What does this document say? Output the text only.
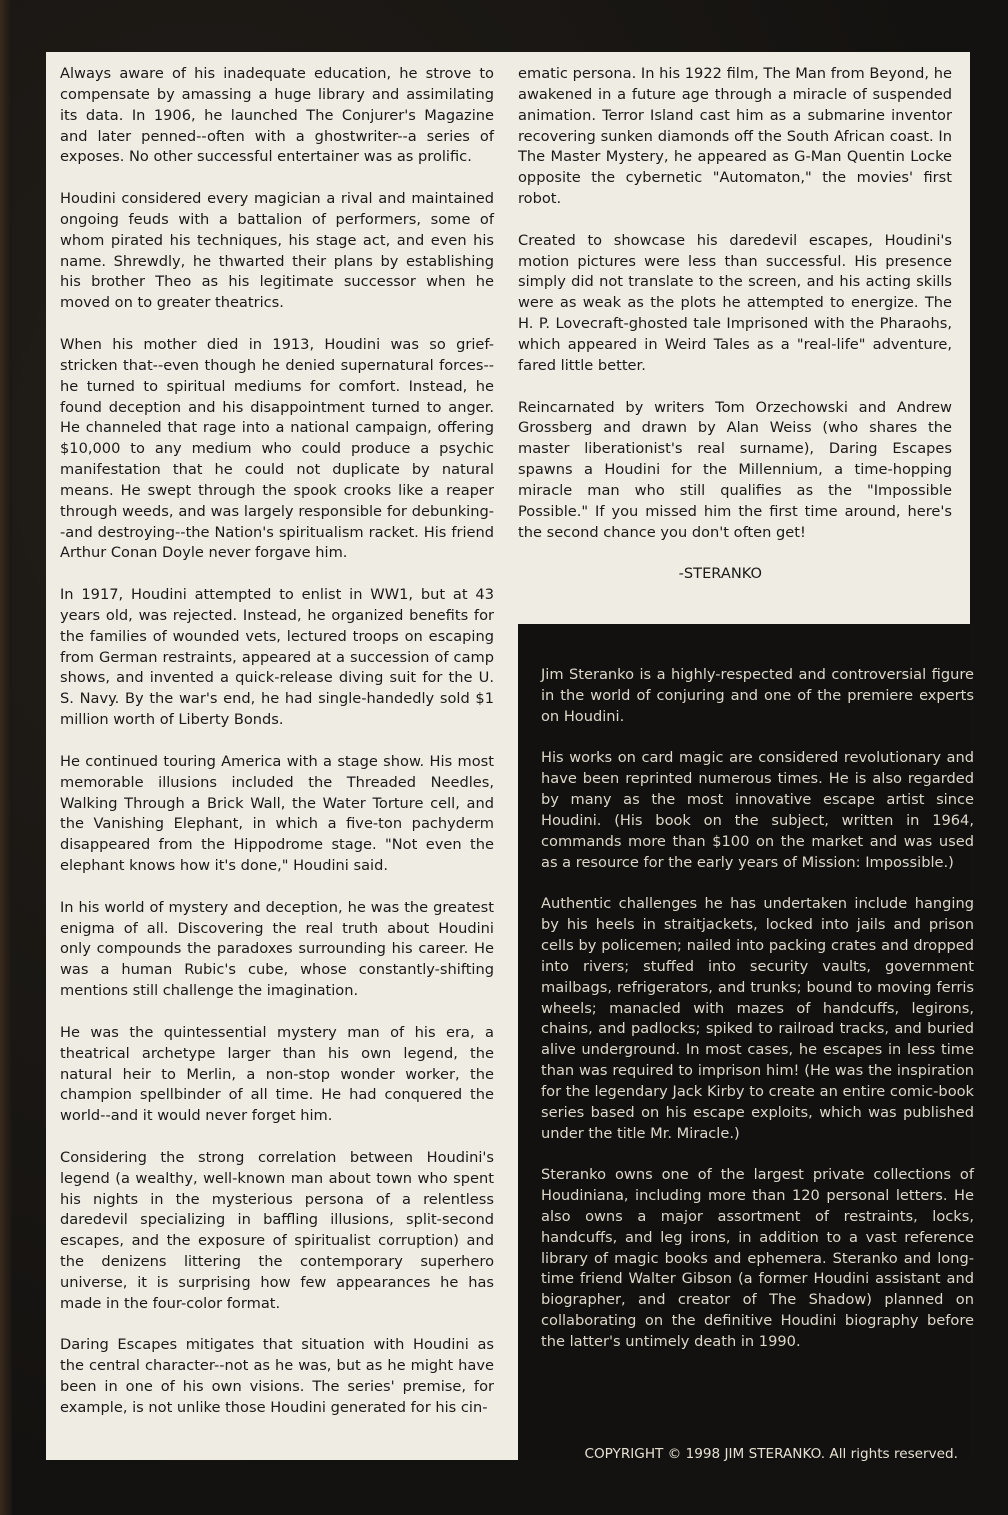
Always aware of his inadequate education, he strove to compensate by amassing a huge library and assimilating its data. In 1906, he launched The Conjurer's Magazine and later penned--often with a ghostwriter--a series of exposes. No other successful entertainer was as prolific.

Houdini considered every magician a rival and maintained ongoing feuds with a battalion of performers, some of whom pirated his techniques, his stage act, and even his name. Shrewdly, he thwarted their plans by establishing his brother Theo as his legitimate successor when he moved on to greater theatrics.

When his mother died in 1913, Houdini was so grief-stricken that--even though he denied supernatural forces-- he turned to spiritual mediums for comfort. Instead, he found deception and his disappointment turned to anger. He channeled that rage into a national campaign, offering $10,000 to any medium who could produce a psychic manifestation that he could not duplicate by natural means. He swept through the spook crooks like a reaper through weeds, and was largely responsible for debunking--and destroying--the Nation's spiritualism racket. His friend Arthur Conan Doyle never forgave him.

In 1917, Houdini attempted to enlist in WW1, but at 43 years old, was rejected. Instead, he organized benefits for the families of wounded vets, lectured troops on escaping from German restraints, appeared at a succession of camp shows, and invented a quick-release diving suit for the U. S. Navy. By the war's end, he had single-handedly sold $1 million worth of Liberty Bonds.

He continued touring America with a stage show. His most memorable illusions included the Threaded Needles, Walking Through a Brick Wall, the Water Torture cell, and the Vanishing Elephant, in which a five-ton pachyderm disappeared from the Hippodrome stage. "Not even the elephant knows how it's done," Houdini said.

In his world of mystery and deception, he was the greatest enigma of all. Discovering the real truth about Houdini only compounds the paradoxes surrounding his career. He was a human Rubic's cube, whose constantly-shifting mentions still challenge the imagination.

He was the quintessential mystery man of his era, a theatrical archetype larger than his own legend, the natural heir to Merlin, a non-stop wonder worker, the champion spellbinder of all time. He had conquered the world--and it would never forget him.

Considering the strong correlation between Houdini's legend (a wealthy, well-known man about town who spent his nights in the mysterious persona of a relentless daredevil specializing in baffling illusions, split-second escapes, and the exposure of spiritualist corruption) and the denizens littering the contemporary superhero universe, it is surprising how few appearances he has made in the four-color format.

Daring Escapes mitigates that situation with Houdini as the central character--not as he was, but as he might have been in one of his own visions. The series' premise, for example, is not unlike those Houdini generated for his cin-

ematic persona. In his 1922 film, The Man from Beyond, he awakened in a future age through a miracle of suspended animation. Terror Island cast him as a submarine inventor recovering sunken diamonds off the South African coast. In The Master Mystery, he appeared as G-Man Quentin Locke opposite the cybernetic "Automaton," the movies' first robot.

Created to showcase his daredevil escapes, Houdini's motion pictures were less than successful. His presence simply did not translate to the screen, and his acting skills were as weak as the plots he attempted to energize. The H. P. Lovecraft-ghosted tale Imprisoned with the Pharaohs, which appeared in Weird Tales as a "real-life" adventure, fared little better.

Reincarnated by writers Tom Orzechowski and Andrew Grossberg and drawn by Alan Weiss (who shares the master liberationist's real surname), Daring Escapes spawns a Houdini for the Millennium, a time-hopping miracle man who still qualifies as the "Impossible Possible." If you missed him the first time around, here's the second chance you don't often get!

-STERANKO

Jim Steranko is a highly-respected and controversial figure in the world of conjuring and one of the premiere experts on Houdini.

His works on card magic are considered revolutionary and have been reprinted numerous times. He is also regarded by many as the most innovative escape artist since Houdini. (His book on the subject, written in 1964, commands more than $100 on the market and was used as a resource for the early years of Mission: Impossible.)

Authentic challenges he has undertaken include hanging by his heels in straitjackets, locked into jails and prison cells by policemen; nailed into packing crates and dropped into rivers; stuffed into security vaults, government mailbags, refrigerators, and trunks; bound to moving ferris wheels; manacled with mazes of handcuffs, legirons, chains, and padlocks; spiked to railroad tracks, and buried alive underground. In most cases, he escapes in less time than was required to imprison him! (He was the inspiration for the legendary Jack Kirby to create an entire comic-book series based on his escape exploits, which was published under the title Mr. Miracle.)

Steranko owns one of the largest private collections of Houdiniana, including more than 120 personal letters. He also owns a major assortment of restraints, locks, handcuffs, and leg irons, in addition to a vast reference library of magic books and ephemera. Steranko and long-time friend Walter Gibson (a former Houdini assistant and biographer, and creator of The Shadow) planned on collaborating on the definitive Houdini biography before the latter's untimely death in 1990.

COPYRIGHT © 1998 JIM STERANKO. All rights reserved.
